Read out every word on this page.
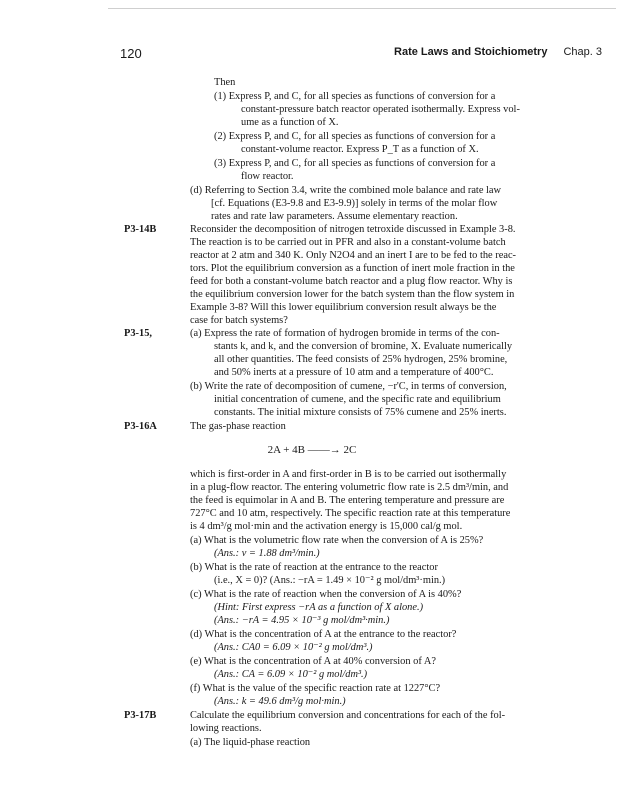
120	Rate Laws and Stoichiometry Chap. 3
Then
(1) Express P, and C, for all species as functions of conversion for a
constant-pressure batch reactor operated isothermally. Express vol-
ume as a function of X.
(2) Express P, and C, for all species as functions of conversion for a
constant-volume reactor. Express P_T as a function of X.
(3) Express P, and C, for all species as functions of conversion for a
flow reactor.
(d) Referring to Section 3.4, write the combined mole balance and rate law
[cf. Equations (E3-9.8 and E3-9.9)] solely in terms of the molar flow
rates and rate law parameters. Assume elementary reaction.
P3-14B	Reconsider the decomposition of nitrogen tetroxide discussed in Example 3-8.
The reaction is to be carried out in PFR and also in a constant-volume batch
reactor at 2 atm and 340 K. Only N2O4 and an inert I are to be fed to the reac-
tors. Plot the equilibrium conversion as a function of inert mole fraction in the
feed for both a constant-volume batch reactor and a plug flow reactor. Why is
the equilibrium conversion lower for the batch system than the flow system in
Example 3-8? Will this lower equilibrium conversion result always be the
case for batch systems?
P3-15,	(a) Express the rate of formation of hydrogen bromide in terms of the con-
stants k, and k, and the conversion of bromine, X. Evaluate numerically
all other quantities. The feed consists of 25% hydrogen, 25% bromine,
and 50% inerts at a pressure of 10 atm and a temperature of 400°C.
(b) Write the rate of decomposition of cumene, −r'C, in terms of conversion,
initial concentration of cumene, and the specific rate and equilibrium
constants. The initial mixture consists of 75% cumene and 25% inerts.
P3-16A	The gas-phase reaction
2A + 4B ——→ 2C
which is first-order in A and first-order in B is to be carried out isothermally
in a plug-flow reactor. The entering volumetric flow rate is 2.5 dm³/min, and
the feed is equimolar in A and B. The entering temperature and pressure are
727°C and 10 atm, respectively. The specific reaction rate at this temperature
is 4 dm³/g mol·min and the activation energy is 15,000 cal/g mol.
(a) What is the volumetric flow rate when the conversion of A is 25%?
(Ans.: v = 1.88 dm³/min.)
(b) What is the rate of reaction at the entrance to the reactor
(i.e., X = 0)? (Ans.: −rA = 1.49 × 10⁻² g mol/dm³·min.)
(c) What is the rate of reaction when the conversion of A is 40%?
(Hint: First express −rA as a function of X alone.)
(Ans.: −rA = 4.95 × 10⁻³ g mol/dm³·min.)
(d) What is the concentration of A at the entrance to the reactor?
(Ans.: CA0 = 6.09 × 10⁻² g mol/dm³.)
(e) What is the concentration of A at 40% conversion of A?
(Ans.: CA = 6.09 × 10⁻² g mol/dm³.)
(f) What is the value of the specific reaction rate at 1227°C?
(Ans.: k = 49.6 dm³/g mol·min.)
P3-17B	Calculate the equilibrium conversion and concentrations for each of the fol-
lowing reactions.
(a) The liquid-phase reaction
